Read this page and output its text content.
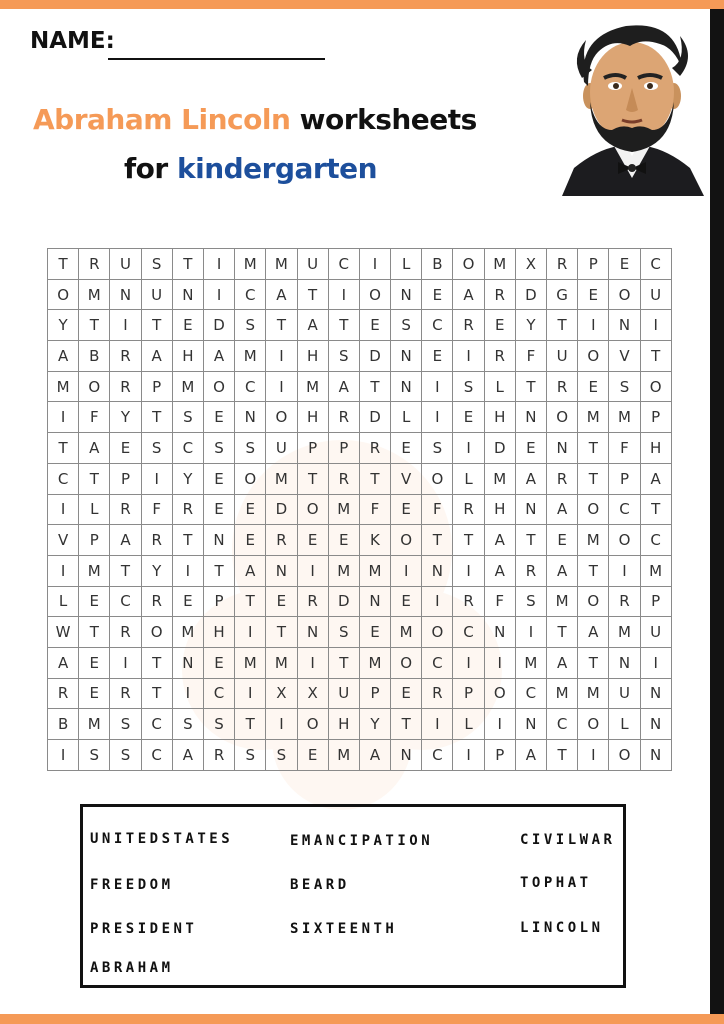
NAME:
Abraham Lincoln worksheets
for kindergarten
T	R	U	S	T	I	M	M	U	C	I	L	B	O	M	X	R	P	E	C
O	M	N	U	N	I	C	A	T	I	O	N	E	A	R	D	G	E	O	U
Y	T	I	T	E	D	S	T	A	T	E	S	C	R	E	Y	T	I	N	I
A	B	R	A	H	A	M	I	H	S	D	N	E	I	R	F	U	O	V	T
M	O	R	P	M	O	C	I	M	A	T	N	I	S	L	T	R	E	S	O
I	F	Y	T	S	E	N	O	H	R	D	L	I	E	H	N	O	M	M	P
T	A	E	S	C	S	S	U	P	P	R	E	S	I	D	E	N	T	F	H
C	T	P	I	Y	E	O	M	T	R	T	V	O	L	M	A	R	T	P	A
I	L	R	F	R	E	E	D	O	M	F	E	F	R	H	N	A	O	C	T
V	P	A	R	T	N	E	R	E	E	K	O	T	T	A	T	E	M	O	C
I	M	T	Y	I	T	A	N	I	M	M	I	N	I	A	R	A	T	I	M
L	E	C	R	E	P	T	E	R	D	N	E	I	R	F	S	M	O	R	P
W	T	R	O	M	H	I	T	N	S	E	M	O	C	N	I	T	A	M	U
A	E	I	T	N	E	M	M	I	T	M	O	C	I	I	M	A	T	N	I
R	E	R	T	I	C	I	X	X	U	P	E	R	P	O	C	M	M	U	N
B	M	S	C	S	S	T	I	O	H	Y	T	I	L	I	N	C	O	L	N
I	S	S	C	A	R	S	S	E	M	A	N	C	I	P	A	T	I	O	N
UNITEDSTATES	EMANCIPATION	CIVILWAR
FREEDOM	BEARD	TOPHAT
PRESIDENT	SIXTEENTH	LINCOLN
ABRAHAM
